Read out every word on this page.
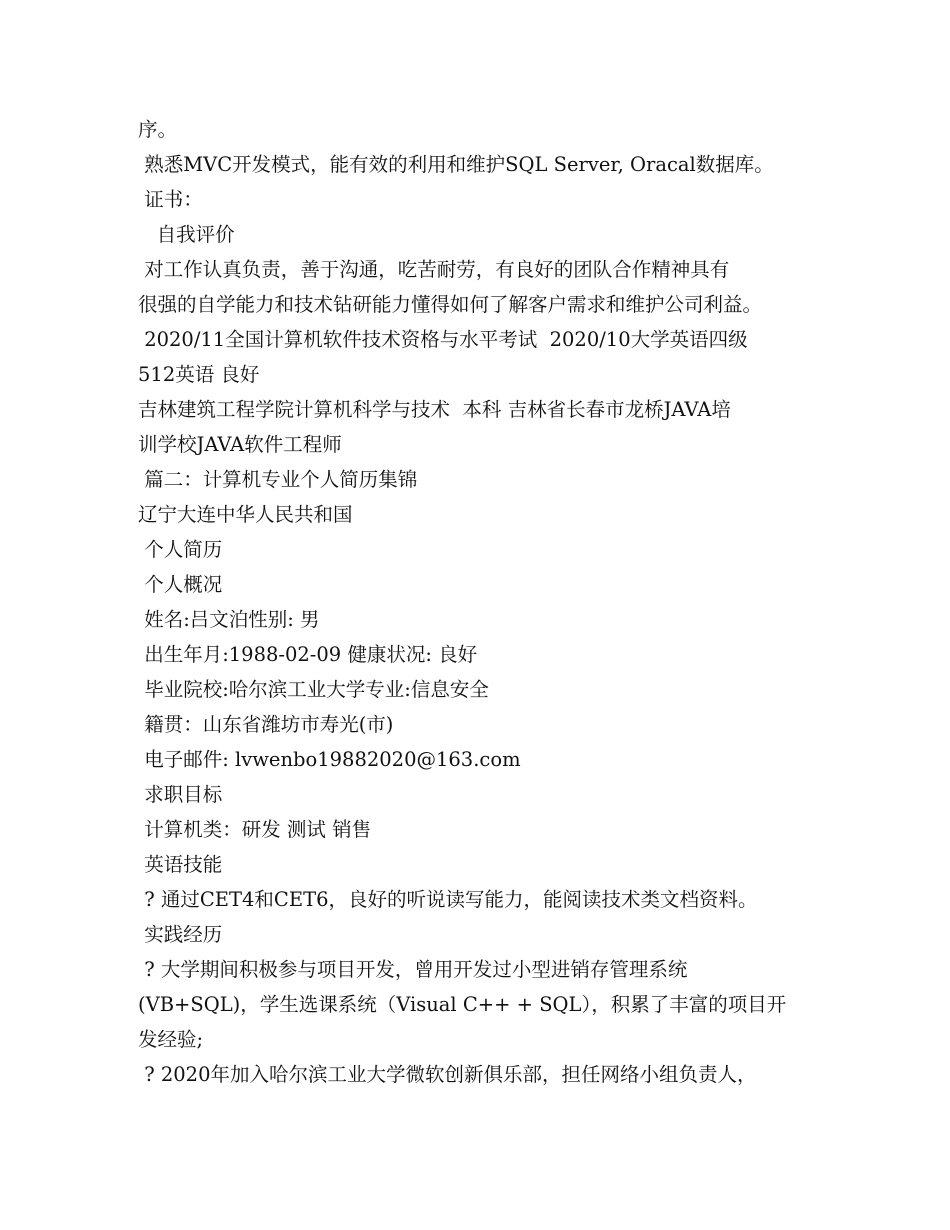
序。
熟悉MVC开发模式，能有效的利用和维护SQL Server, Oracal数据库。
证书：
自我评价
对工作认真负责，善于沟通，吃苦耐劳，有良好的团队合作精神具有
很强的自学能力和技术钻研能力懂得如何了解客户需求和维护公司利益。
2020/11全国计算机软件技术资格与水平考试  2020/10大学英语四级
512英语 良好
吉林建筑工程学院计算机科学与技术  本科 吉林省长春市龙桥JAVA培
训学校JAVA软件工程师
篇二：计算机专业个人简历集锦
辽宁大连中华人民共和国
个人简历
个人概况
姓名:吕文泊性别: 男
出生年月:1988-02-09 健康状况: 良好
毕业院校:哈尔滨工业大学专业:信息安全
籍贯：山东省潍坊市寿光(市)
电子邮件: lvwenbo19882020@163.com
求职目标
计算机类：研发 测试 销售
英语技能
? 通过CET4和CET6，良好的听说读写能力，能阅读技术类文档资料。
实践经历
? 大学期间积极参与项目开发，曾用开发过小型进销存管理系统
(VB+SQL)，学生选课系统（Visual C++ + SQL），积累了丰富的项目开
发经验;
? 2020年加入哈尔滨工业大学微软创新俱乐部，担任网络小组负责人，
